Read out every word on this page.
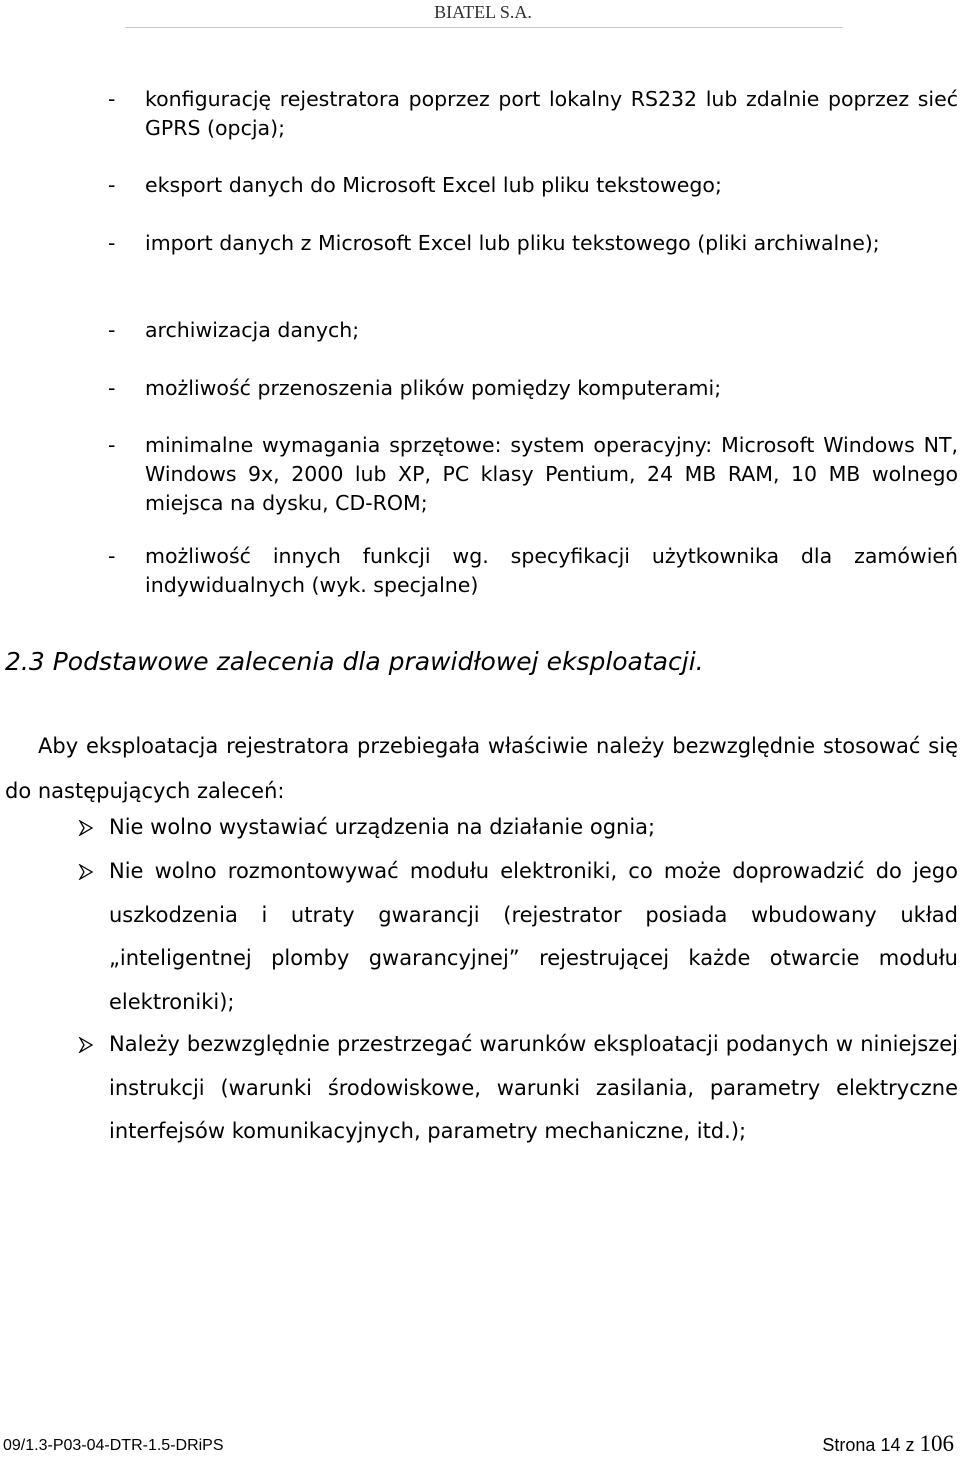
BIATEL S.A.
- konfigurację rejestratora poprzez port lokalny RS232 lub zdalnie poprzez sieć GPRS (opcja);
- eksport danych do Microsoft Excel lub pliku tekstowego;
- import danych z Microsoft Excel lub pliku tekstowego (pliki archiwalne);
- archiwizacja danych;
- możliwość przenoszenia plików pomiędzy komputerami;
- minimalne wymagania sprzętowe: system operacyjny: Microsoft Windows NT, Windows 9x, 2000 lub XP, PC klasy Pentium, 24 MB RAM, 10 MB wolnego miejsca na dysku, CD-ROM;
- możliwość innych funkcji wg. specyfikacji użytkownika dla zamówień indywidualnych (wyk. specjalne)
2.3 Podstawowe zalecenia dla prawidłowej eksploatacji.
Aby eksploatacja rejestratora przebiegała właściwie należy bezwzględnie stosować się do następujących zaleceń:
Nie wolno wystawiać urządzenia na działanie ognia;
Nie wolno rozmontowywać modułu elektroniki, co może doprowadzić do jego uszkodzenia i utraty gwarancji (rejestrator posiada wbudowany układ „inteligentnej plomby gwarancyjnej” rejestrującej każde otwarcie modułu elektroniki);
Należy bezwzględnie przestrzegać warunków eksploatacji podanych w niniejszej instrukcji (warunki środowiskowe, warunki zasilania, parametry elektryczne interfejsów komunikacyjnych, parametry mechaniczne, itd.);
09/1.3-P03-04-DTR-1.5-DRiPS	Strona 14 z 106
